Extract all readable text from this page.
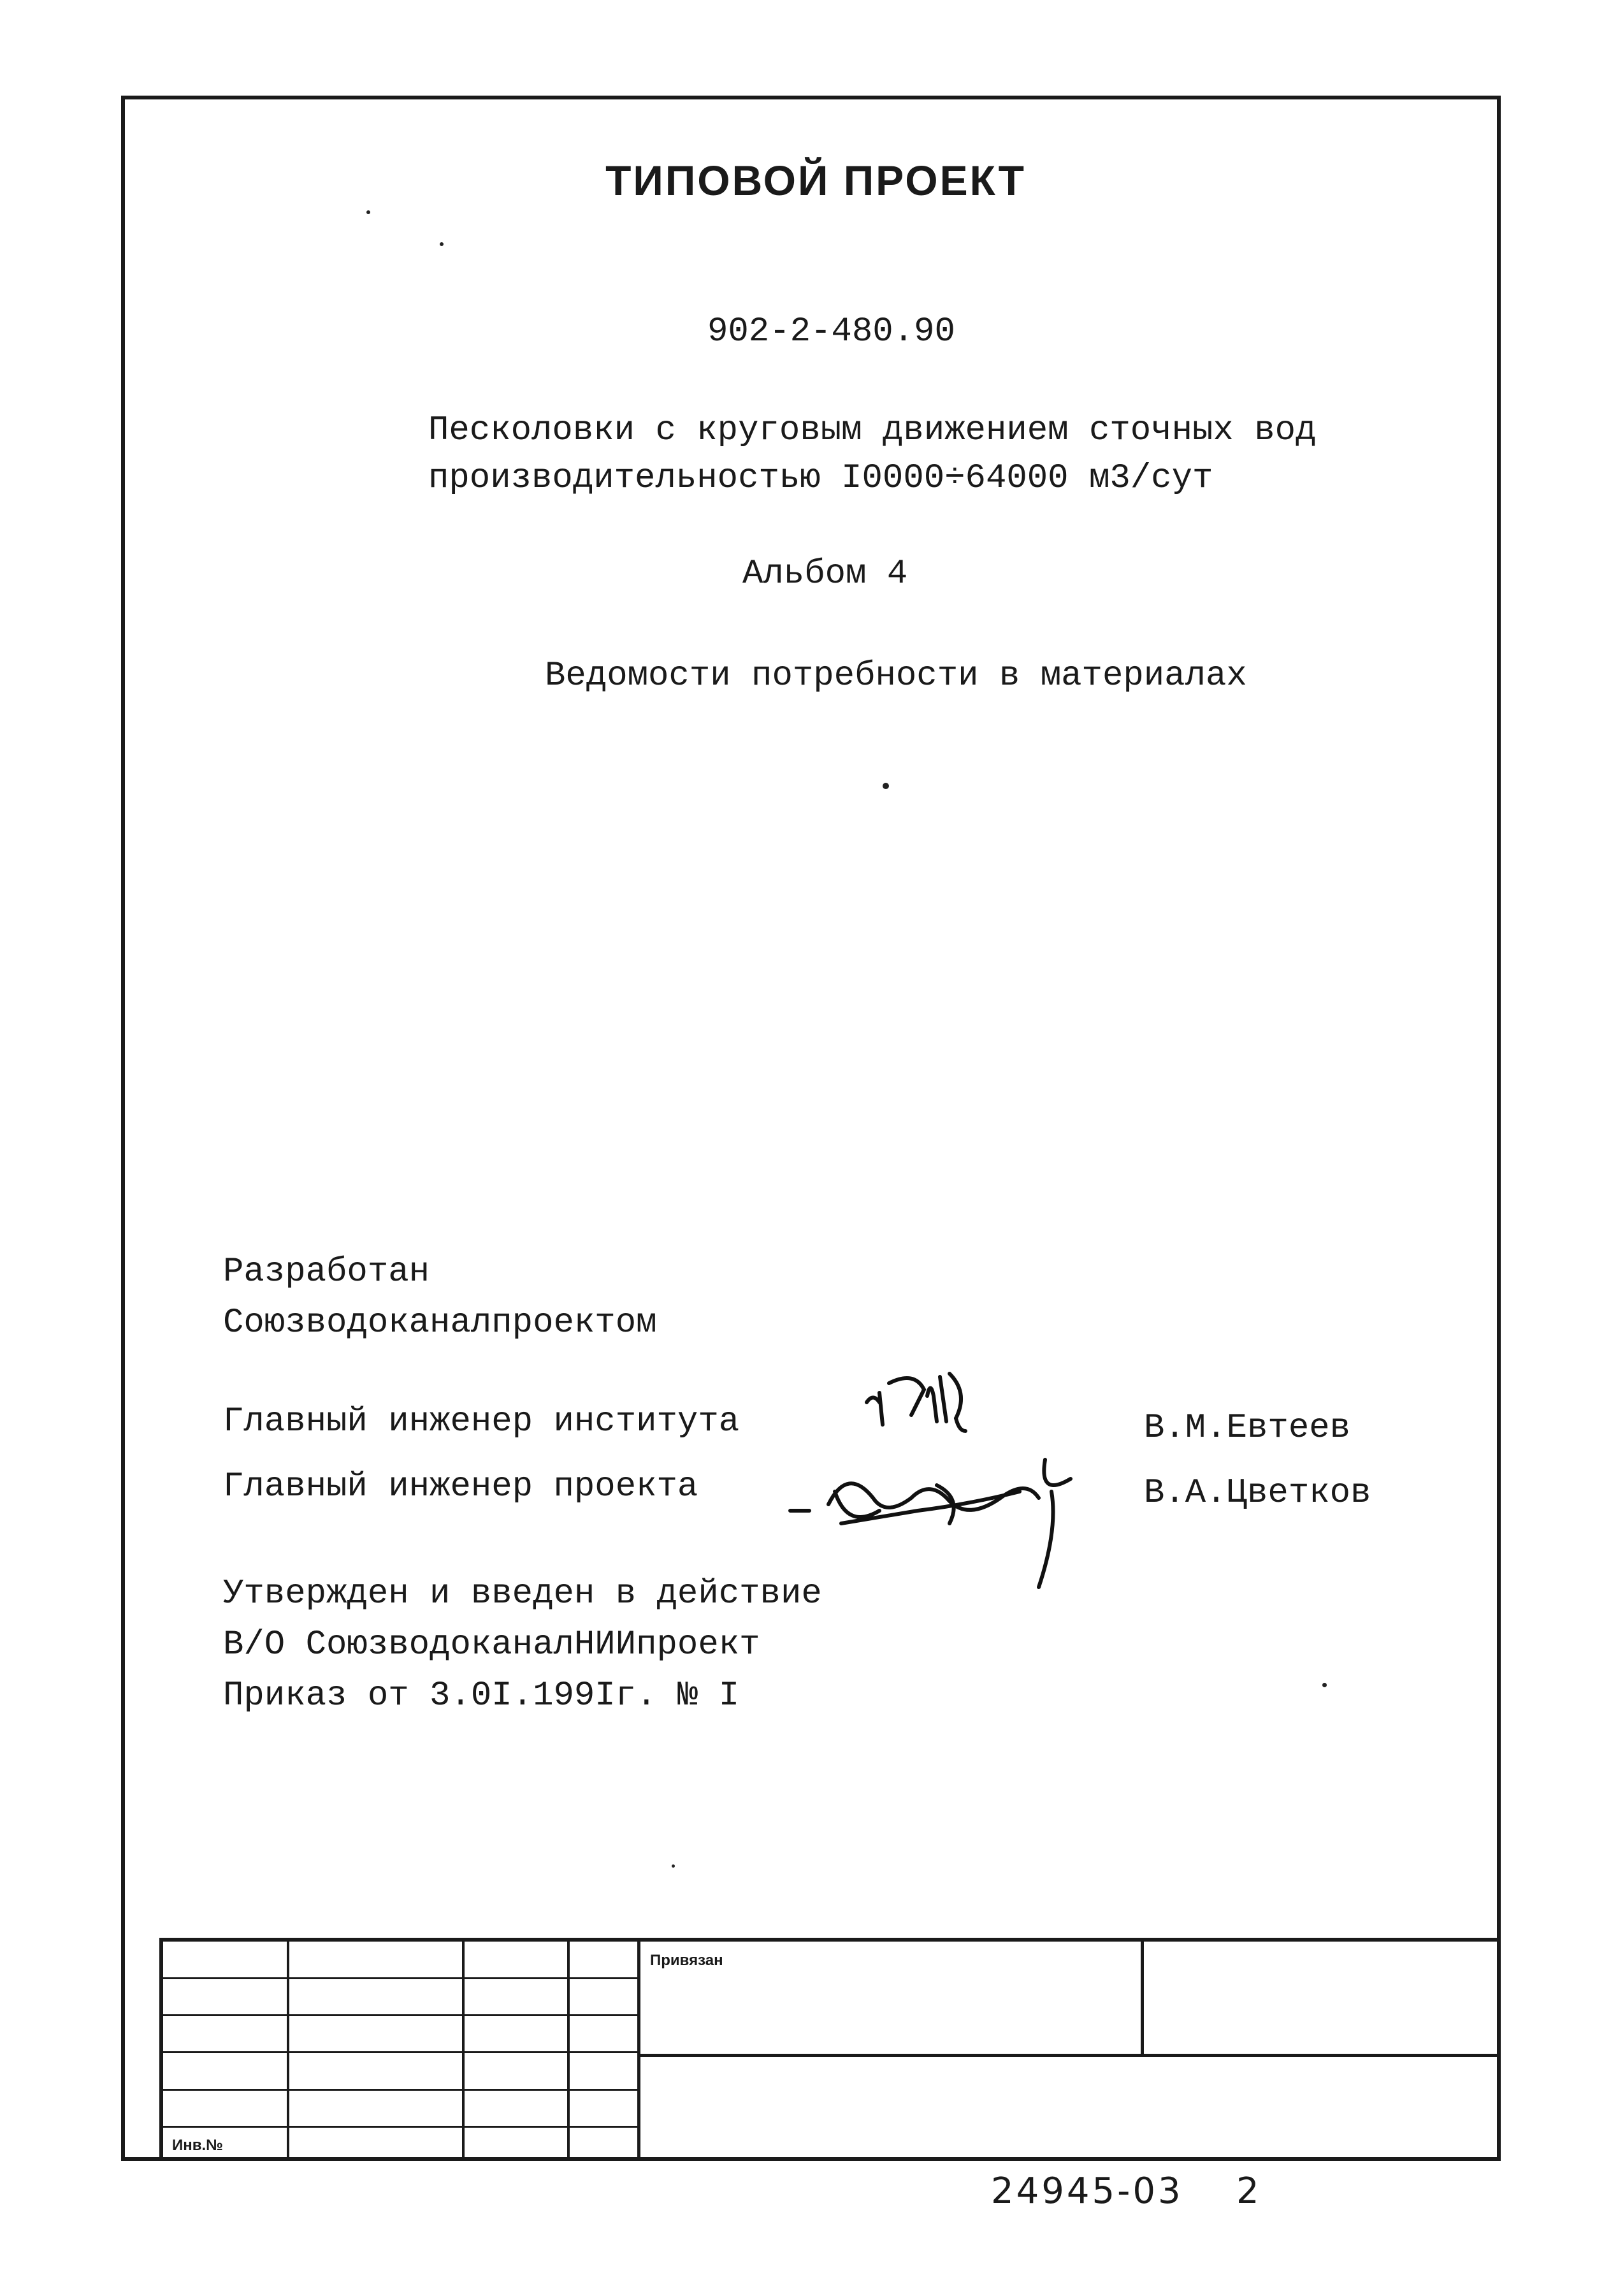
ТИПОВОЙ ПРОЕКТ
902-2-480.90
Песколовки с круговым движением сточных вод
производительностью I0000÷64000 м3/сут
Альбом 4
Ведомости потребности в материалах
Разработан
Союзводоканалпроектом
Главный инженер института	В.М.Евтеев
Главный инженер проекта	В.А.Цветков
Утвержден и введен в действие
В/О СоюзводоканалНИИпроект
Приказ от 3.0I.199Iг. № I
Привязан
Инв.№
24945-03 2
